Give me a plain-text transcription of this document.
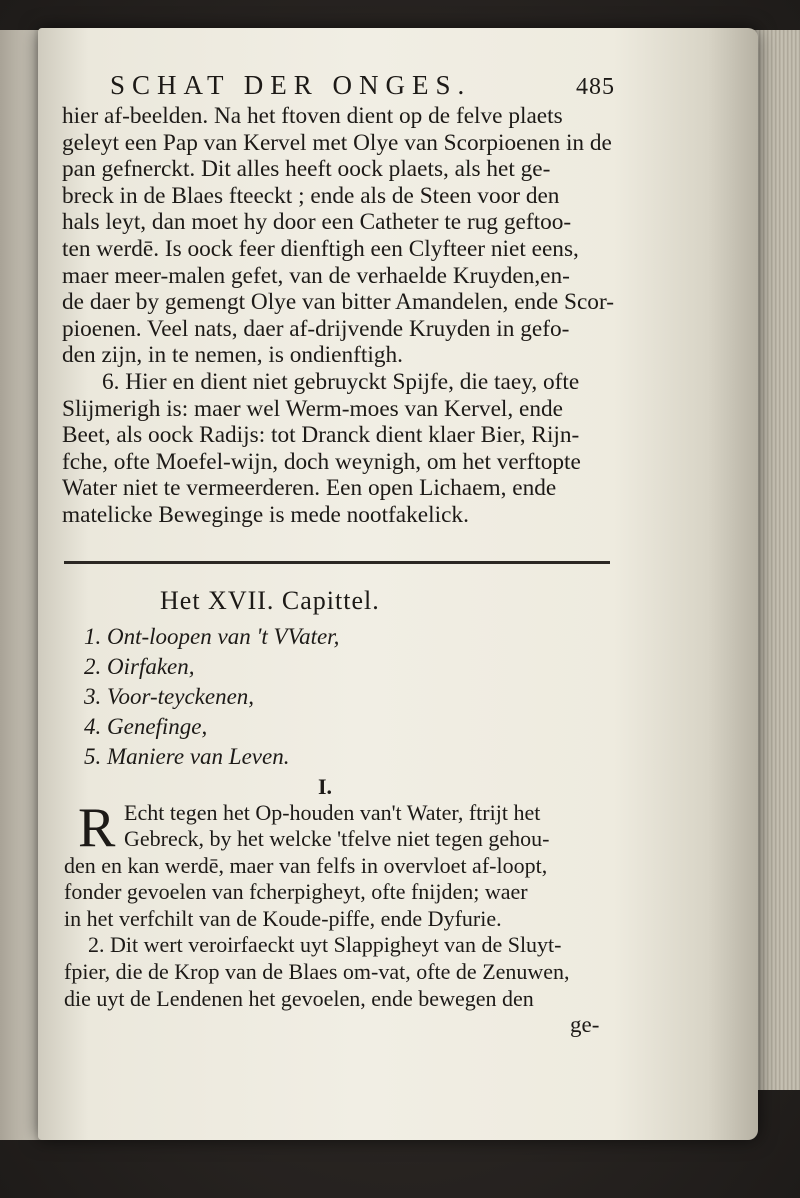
SCHAT DER ONGES.	485
hier af-beelden. Na het ftoven dient op de felve plaets
geleyt een Pap van Kervel met Olye van Scorpioenen in de
pan gefnerckt. Dit alles heeft oock plaets, als het ge-
breck in de Blaes fteeckt ; ende als de Steen voor den
hals leyt, dan moet hy door een Catheter te rug geftoo-
ten werdē. Is oock feer dienftigh een Clyfteer niet eens,
maer meer-malen gefet, van de verhaelde Kruyden,en-
de daer by gemengt Olye van bitter Amandelen, ende Scor-
pioenen. Veel nats, daer af-drijvende Kruyden in gefo-
den zijn, in te nemen, is ondienftigh.
6. Hier en dient niet gebruyckt Spijfe, die taey, ofte
Slijmerigh is: maer wel Werm-moes van Kervel, ende
Beet, als oock Radijs: tot Dranck dient klaer Bier, Rijn-
fche, ofte Moefel-wijn, doch weynigh, om het verftopte
Water niet te vermeerderen. Een open Lichaem, ende
matelicke Bewegingе is mede nootfakelick.
Het XVII. Capittel.
1. Ont-loopen van 't VVater,
2. Oirfaken,
3. Voor-teyckenen,
4. Genefinge,
5. Maniere van Leven.
I.
R Echt tegen het Op-houden van't Water, ftrijt het
Gebreck, by het welcke 'tfelve niet tegen gehou-
den en kan werdē, maer van felfs in overvloet af-loopt,
fonder gevoelen van fcherpigheyt, ofte fnijden; waer
in het verfchilt van de Koude-piffe, ende Dyfurie.
2. Dit wert veroirfaeckt uyt Slappigheyt van de Sluyt-
fpier, die de Krop van de Blaes om-vat, ofte de Zenuwen,
die uyt de Lendenen het gevoelen, ende bewegen den
ge-
